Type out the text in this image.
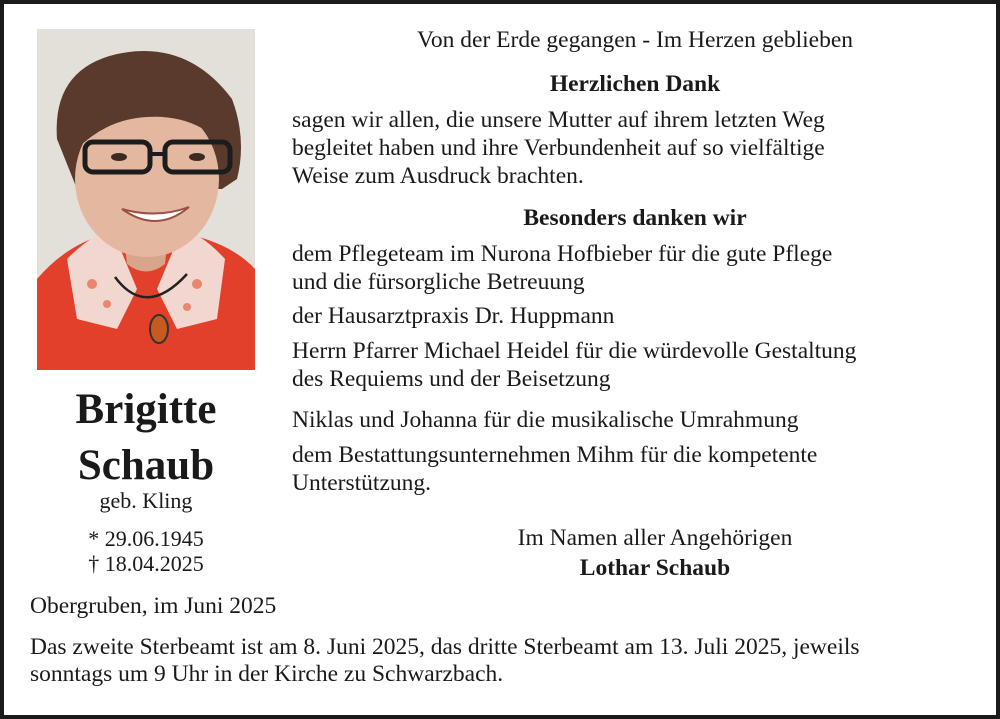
Brigitte
Schaub
geb. Kling
* 29.06.1945
† 18.04.2025
Von der Erde gegangen - Im Herzen geblieben
Herzlichen Dank
sagen wir allen, die unsere Mutter auf ihrem letzten Weg
begleitet haben und ihre Verbundenheit auf so vielfältige
Weise zum Ausdruck brachten.
Besonders danken wir
dem Pflegeteam im Nurona Hofbieber für die gute Pflege
und die fürsorgliche Betreuung
der Hausarztpraxis Dr. Huppmann
Herrn Pfarrer Michael Heidel für die würdevolle Gestaltung
des Requiems und der Beisetzung
Niklas und Johanna für die musikalische Umrahmung
dem Bestattungsunternehmen Mihm für die kompetente
Unterstützung.
Im Namen aller Angehörigen
Lothar Schaub
Obergruben, im Juni 2025
Das zweite Sterbeamt ist am 8. Juni 2025, das dritte Sterbeamt am 13. Juli 2025, jeweils
sonntags um 9 Uhr in der Kirche zu Schwarzbach.
